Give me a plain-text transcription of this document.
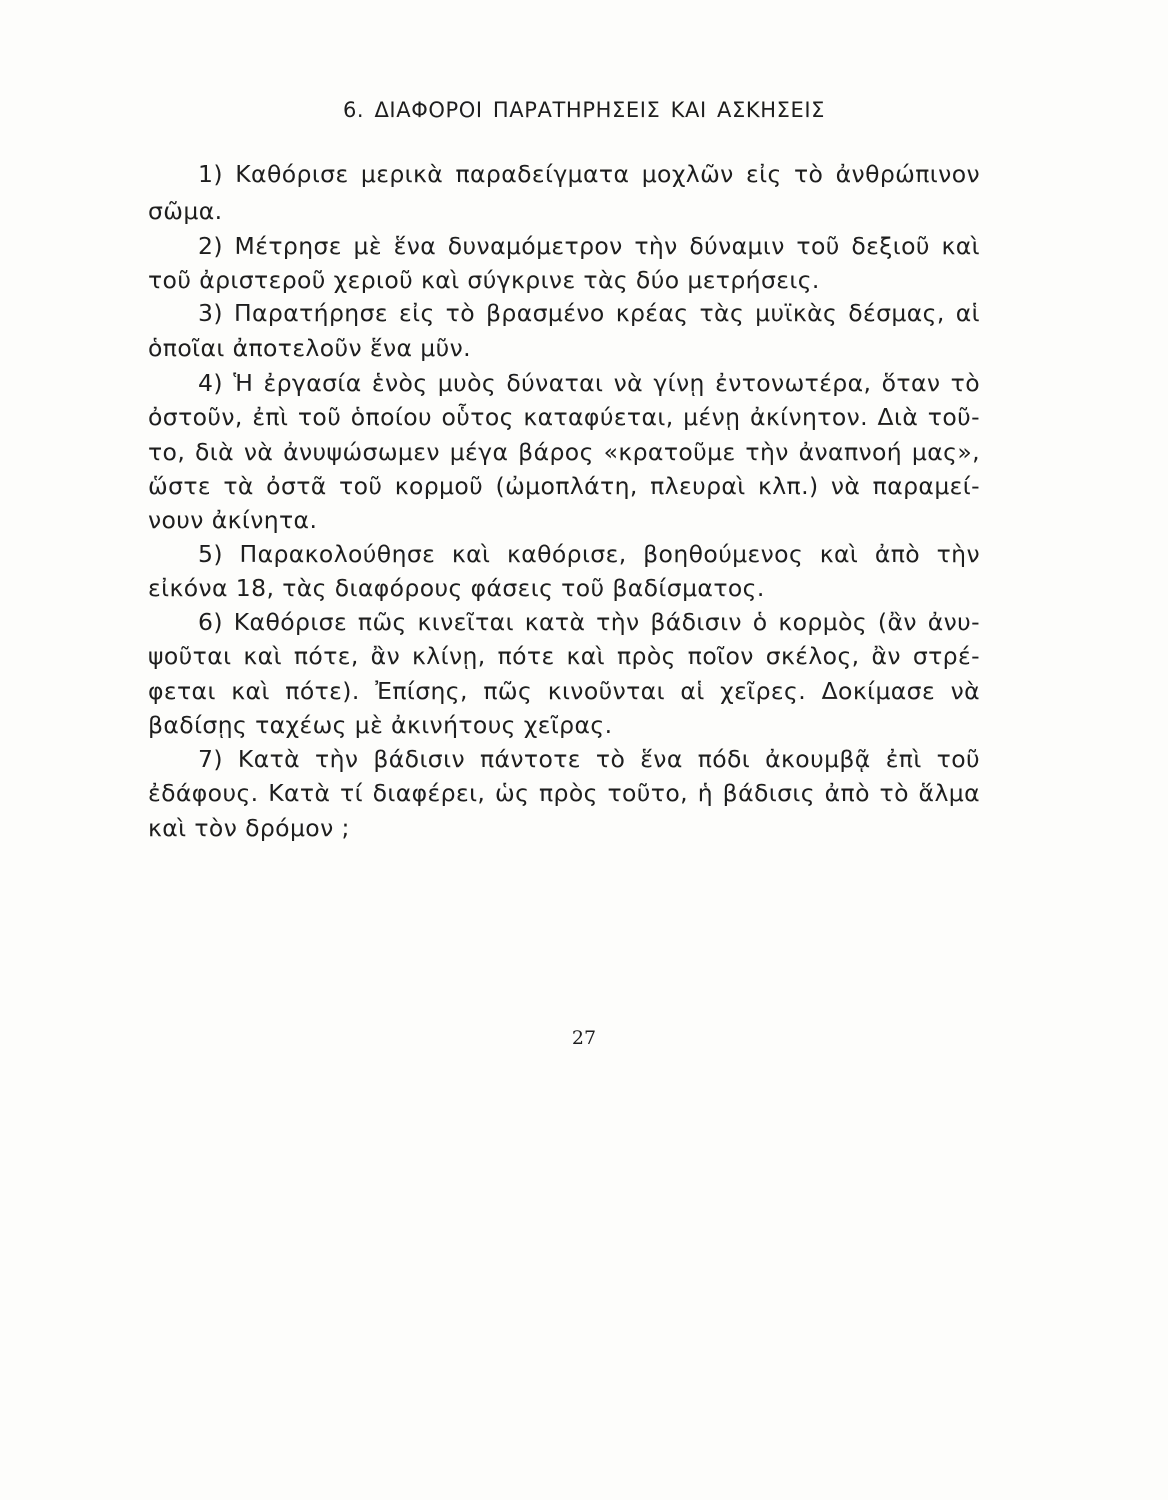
6. ΔΙΑΦΟΡΟΙ ΠΑΡΑΤΗΡΗΣΕΙΣ ΚΑΙ ΑΣΚΗΣΕΙΣ
1) Καθόρισε μερικὰ παραδείγματα μοχλῶν εἰς τὸ ἀνθρώπινον
σῶμα.
2) Μέτρησε μὲ ἕνα δυναμόμετρον τὴν δύναμιν τοῦ δεξιοῦ καὶ
τοῦ ἀριστεροῦ χεριοῦ καὶ σύγκρινε τὰς δύο μετρήσεις.
3) Παρατήρησε εἰς τὸ βρασμένο κρέας τὰς μυϊκὰς δέσμας, αἱ
ὁποῖαι ἀποτελοῦν ἕνα μῦν.
4) Ἡ ἐργασία ἑνὸς μυὸς δύναται νὰ γίνῃ ἐντονωτέρα, ὅταν τὸ
ὀστοῦν, ἐπὶ τοῦ ὁποίου οὗτος καταφύεται, μένῃ ἀκίνητον. Διὰ τοῦ-
το, διὰ νὰ ἀνυψώσωμεν μέγα βάρος «κρατοῦμε τὴν ἀναπνοή μας»,
ὥστε τὰ ὀστᾶ τοῦ κορμοῦ (ὠμοπλάτη, πλευραὶ κλπ.) νὰ παραμεί-
νουν ἀκίνητα.
5) Παρακολούθησε καὶ καθόρισε, βοηθούμενος καὶ ἀπὸ τὴν
εἰκόνα 18, τὰς διαφόρους φάσεις τοῦ βαδίσματος.
6) Καθόρισε πῶς κινεῖται κατὰ τὴν βάδισιν ὁ κορμὸς (ἂν ἀνυ-
ψοῦται καὶ πότε, ἂν κλίνῃ, πότε καὶ πρὸς ποῖον σκέλος, ἂν στρέ-
φεται καὶ πότε). Ἐπίσης, πῶς κινοῦνται αἱ χεῖρες. Δοκίμασε νὰ
βαδίσῃς ταχέως μὲ ἀκινήτους χεῖρας.
7) Κατὰ τὴν βάδισιν πάντοτε τὸ ἕνα πόδι ἀκουμβᾷ ἐπὶ τοῦ
ἐδάφους. Κατὰ τί διαφέρει, ὡς πρὸς τοῦτο, ἡ βάδισις ἀπὸ τὸ ἅλμα
καὶ τὸν δρόμον ;
27
